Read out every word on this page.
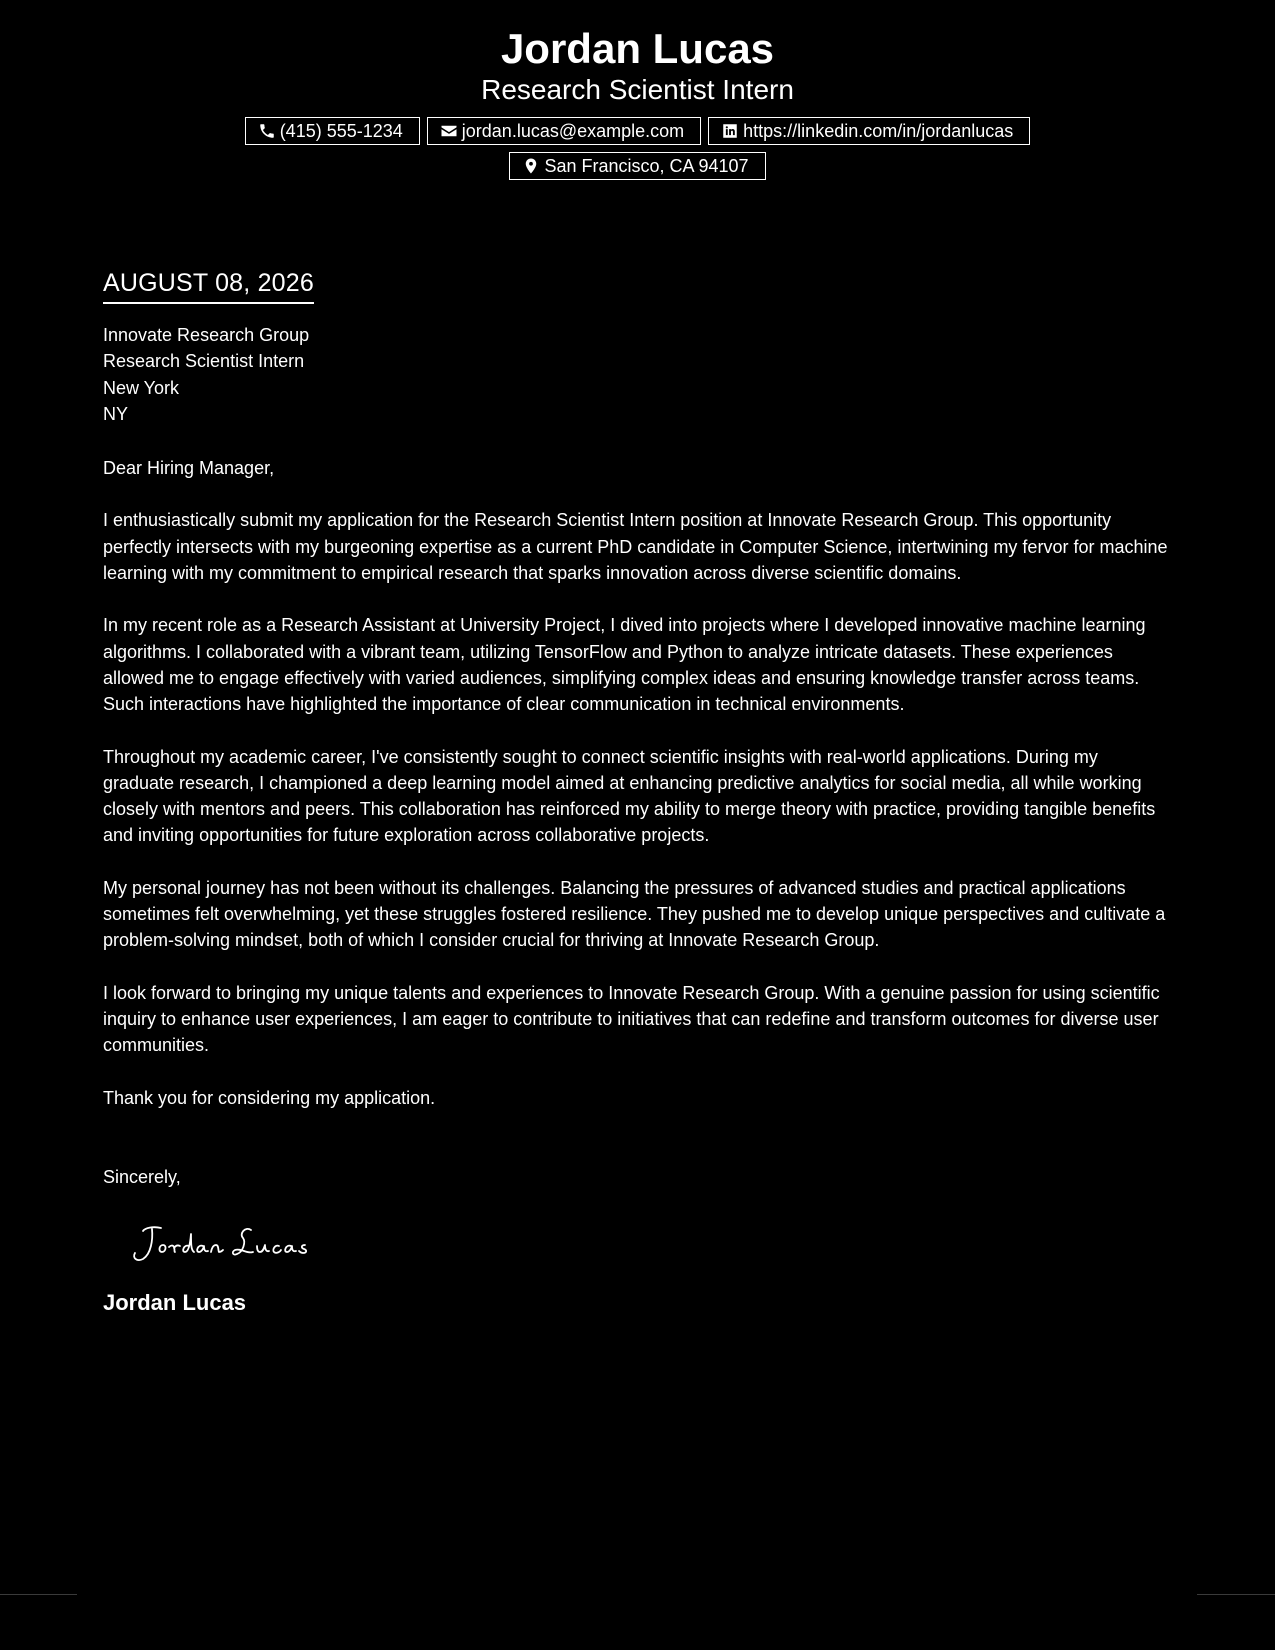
Jordan Lucas
Research Scientist Intern
(415) 555-1234	jordan.lucas@example.com	https://linkedin.com/in/jordanlucas
San Francisco, CA 94107
AUGUST 08, 2026
Innovate Research Group
Research Scientist Intern
New York
NY
Dear Hiring Manager,
I enthusiastically submit my application for the Research Scientist Intern position at Innovate Research Group. This opportunity perfectly intersects with my burgeoning expertise as a current PhD candidate in Computer Science, intertwining my fervor for machine learning with my commitment to empirical research that sparks innovation across diverse scientific domains.
In my recent role as a Research Assistant at University Project, I dived into projects where I developed innovative machine learning algorithms. I collaborated with a vibrant team, utilizing TensorFlow and Python to analyze intricate datasets. These experiences allowed me to engage effectively with varied audiences, simplifying complex ideas and ensuring knowledge transfer across teams. Such interactions have highlighted the importance of clear communication in technical environments.
Throughout my academic career, I've consistently sought to connect scientific insights with real-world applications. During my graduate research, I championed a deep learning model aimed at enhancing predictive analytics for social media, all while working closely with mentors and peers. This collaboration has reinforced my ability to merge theory with practice, providing tangible benefits and inviting opportunities for future exploration across collaborative projects.
My personal journey has not been without its challenges. Balancing the pressures of advanced studies and practical applications sometimes felt overwhelming, yet these struggles fostered resilience. They pushed me to develop unique perspectives and cultivate a problem-solving mindset, both of which I consider crucial for thriving at Innovate Research Group.
I look forward to bringing my unique talents and experiences to Innovate Research Group. With a genuine passion for using scientific inquiry to enhance user experiences, I am eager to contribute to initiatives that can redefine and transform outcomes for diverse user communities.
Thank you for considering my application.
Sincerely,
Jordan Lucas
